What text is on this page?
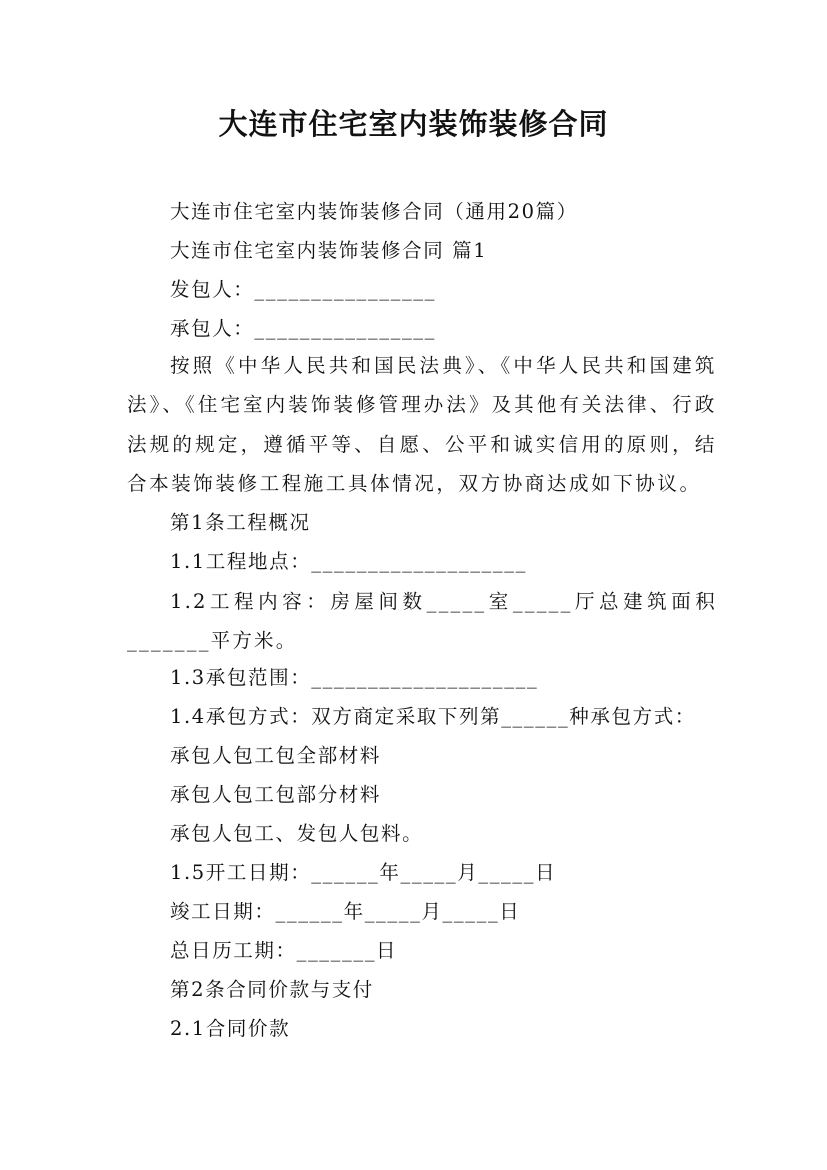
大连市住宅室内装饰装修合同
大连市住宅室内装饰装修合同（通用20篇）
大连市住宅室内装饰装修合同 篇1
发包人：________________
承包人：________________
按照《中华人民共和国民法典》、《中华人民共和国建筑法》、《住宅室内装饰装修管理办法》及其他有关法律、行政法规的规定，遵循平等、自愿、公平和诚实信用的原则，结合本装饰装修工程施工具体情况，双方协商达成如下协议。
第1条工程概况
1.1工程地点：___________________
1.2工程内容：房屋间数_____室_____厅总建筑面积_______平方米。
1.3承包范围：____________________
1.4承包方式：双方商定采取下列第______种承包方式：
承包人包工包全部材料
承包人包工包部分材料
承包人包工、发包人包料。
1.5开工日期：______年_____月_____日
竣工日期：______年_____月_____日
总日历工期：_______日
第2条合同价款与支付
2.1合同价款
